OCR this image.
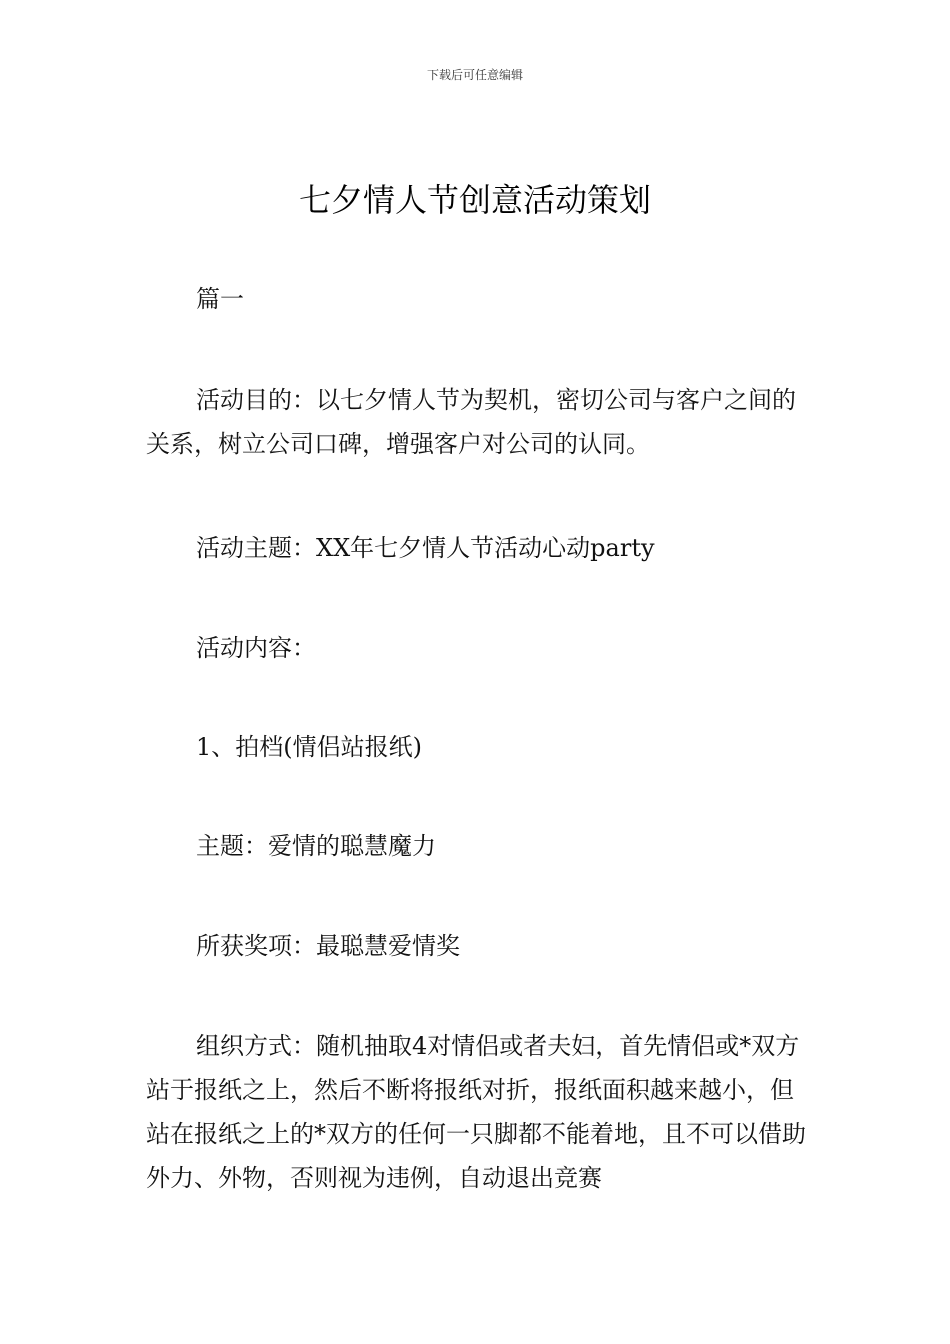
下载后可任意编辑
七夕情人节创意活动策划

篇一

活动目的：以七夕情人节为契机，密切公司与客户之间的关系，树立公司口碑，增强客户对公司的认同。

活动主题：XX年七夕情人节活动心动party

活动内容：

1、拍档(情侣站报纸)

主题：爱情的聪慧魔力

所获奖项：最聪慧爱情奖

组织方式：随机抽取4对情侣或者夫妇，首先情侣或*双方站于报纸之上，然后不断将报纸对折，报纸面积越来越小，但站在报纸之上的*双方的任何一只脚都不能着地，且不可以借助外力、外物，否则视为违例，自动退出竞赛
